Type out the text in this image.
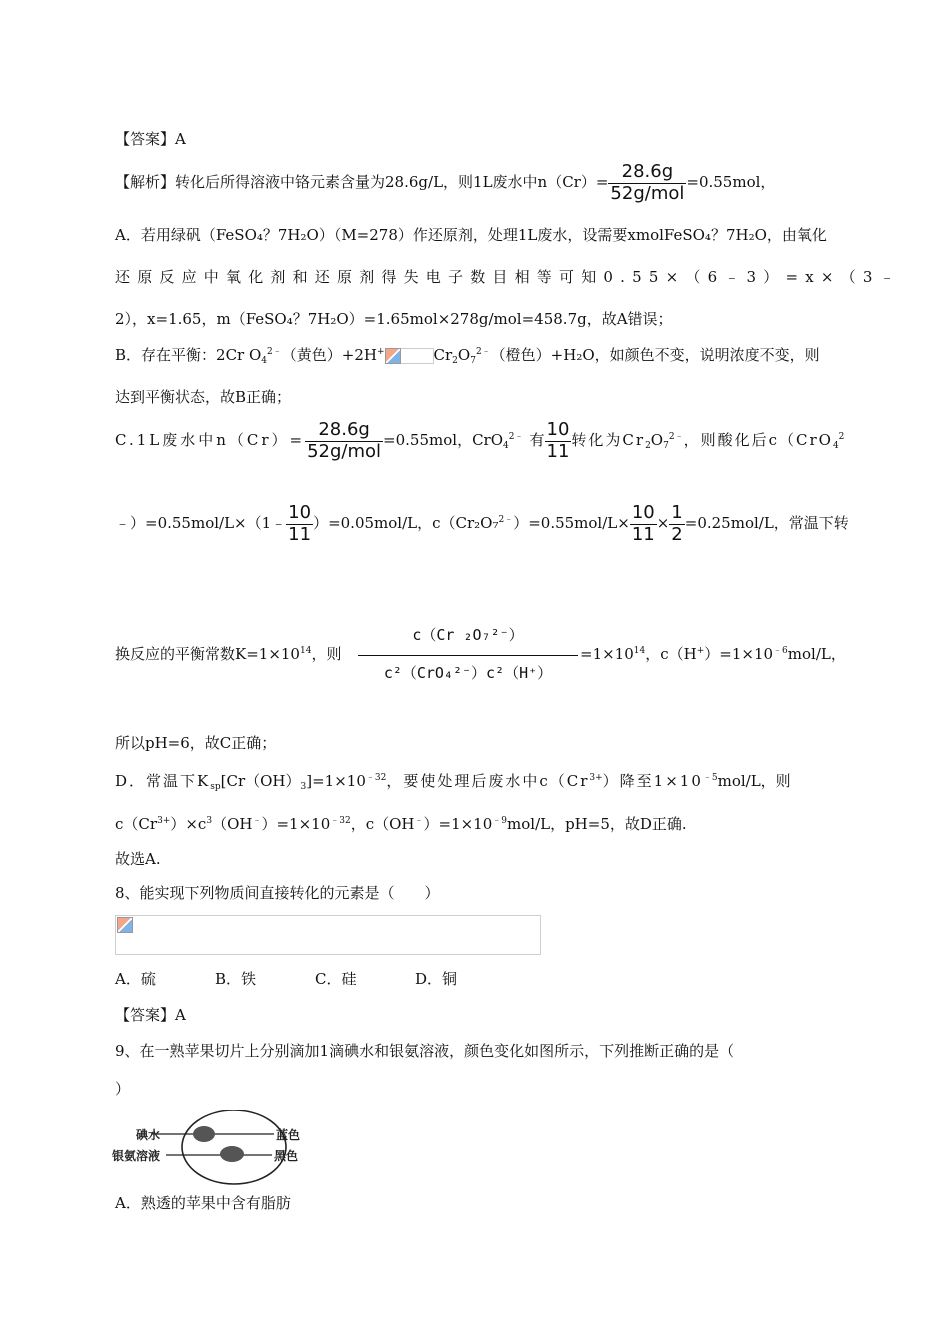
【答案】A
【解析】转化后所得溶液中铬元素含量为28.6g/L，则1L废水中$n(Cr)= \frac{28.6g}{\text{52g/mol}} =0.55mol$，
A．若用绿矾（FeSO₄？7H₂O）（M=278）作还原剂，处理1L废水，设需要xmolFeSO₄？7H₂O，由氧化
还原反应中氧化剂和还原剂得失电子数目相等可知0.55×（6﹣3）=x×（3﹣
2），x=1.65，m（FeSO₄？7H₂O）=1.65mol×278g/mol=458.7g，故A错误；
B．存在平衡：2Cr $O_4^{2﹣}$（黄色）+2H+	$Cr_2O_7^{2﹣}$（橙色）+H₂O，如颜色不变，说明浓度不变，则
达到平衡状态，故B正确；
C.1L废水中$n(Cr)= \frac{28.6g}{\text{52g/mol}} =0.55mol$，CrO$_4^{2﹣}$ 有 $\frac{10}{11}$ 转化为$Cr_2O_7^{2﹣}$，则酸化后c（CrO$_4^2$
﹣）=0.55mol/L×（1﹣ $\frac{10}{11} )=0.05mol/L$，$c(Cr_2O_7^{2﹣})=0.55mol/L\times \frac{10}{11} \times \frac{1}{2} =0.25mol/L$，常温下转
换反应的平衡常数$K=1\times 10^{14}$，则
c（Cr ₂O₇²⁻）
c²（CrO₄²⁻）c²（H⁺）
$=1\times 10^{14}$，$c(H^+)=1\times 10^{﹣6}mol/L$，
所以pH=6，故C正确；
D．常温下$K_{sp}[Cr(OH)_3]=1\times 10^{﹣32}$，要使处理后废水中$c(Cr^{3+})$降至$1\times 10^{﹣5}mol/L$，则
$c(Cr^{3+})\times c^3(OH^﹣)=1\times 10^{﹣32}$，$c(OH^﹣)=1\times 10^{﹣9}mol/L$，pH=5，故D正确.
故选A.
8、能实现下列物质间直接转化的元素是（　　）
A．硫	B．铁	C．硅	D．铜
【答案】A
9、在一熟苹果切片上分别滴加1滴碘水和银氨溶液，颜色变化如图所示，下列推断正确的是（
）
碘水
银氨溶液
蓝色
黑色
A．熟透的苹果中含有脂肪
